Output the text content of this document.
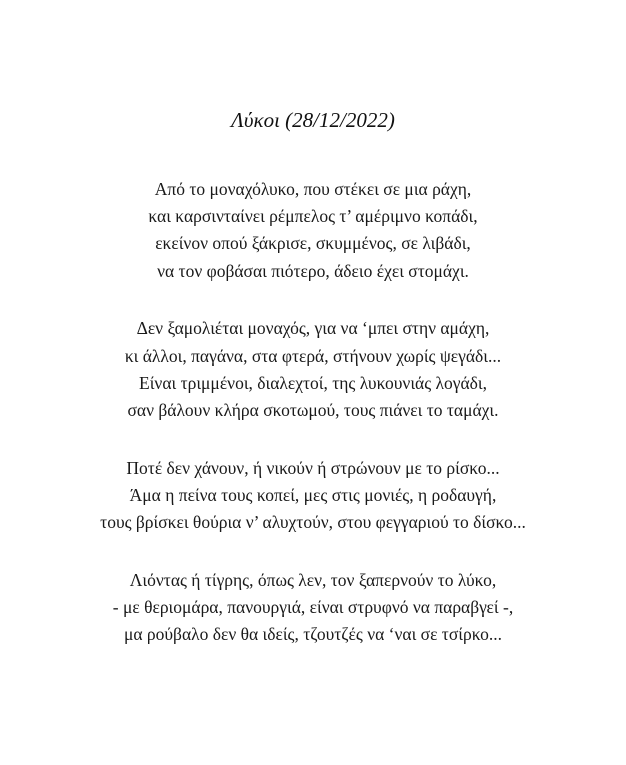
Λύκοι (28/12/2022)
Από το μοναχόλυκο, που στέκει σε μια ράχη,
και καρσινταίνει ρέμπελος τ’ αμέριμνο κοπάδι,
εκείνον οπού ξάκρισε, σκυμμένος, σε λιβάδι,
να τον φοβάσαι πιότερο, άδειο έχει στομάχι.
Δεν ξαμολιέται μοναχός, για να ‘μπει στην αμάχη,
κι άλλοι, παγάνα, στα φτερά, στήνουν χωρίς ψεγάδι...
Είναι τριμμένοι, διαλεχτοί, της λυκουνιάς λογάδι,
σαν βάλουν κλήρα σκοτωμού, τους πιάνει το ταμάχι.
Ποτέ δεν χάνουν, ή νικούν ή στρώνουν με το ρίσκο...
Άμα η πείνα τους κοπεί, μες στις μονιές, η ροδαυγή,
τους βρίσκει θούρια ν’ αλυχτούν, στου φεγγαριού το δίσκο...
Λιόντας ή τίγρης, όπως λεν, τον ξαπερνούν το λύκο,
- με θεριομάρα, πανουργιά, είναι στρυφνό να παραβγεί -,
μα ρούβαλο δεν θα ιδείς, τζουτζές να ‘ναι σε τσίρκο...
